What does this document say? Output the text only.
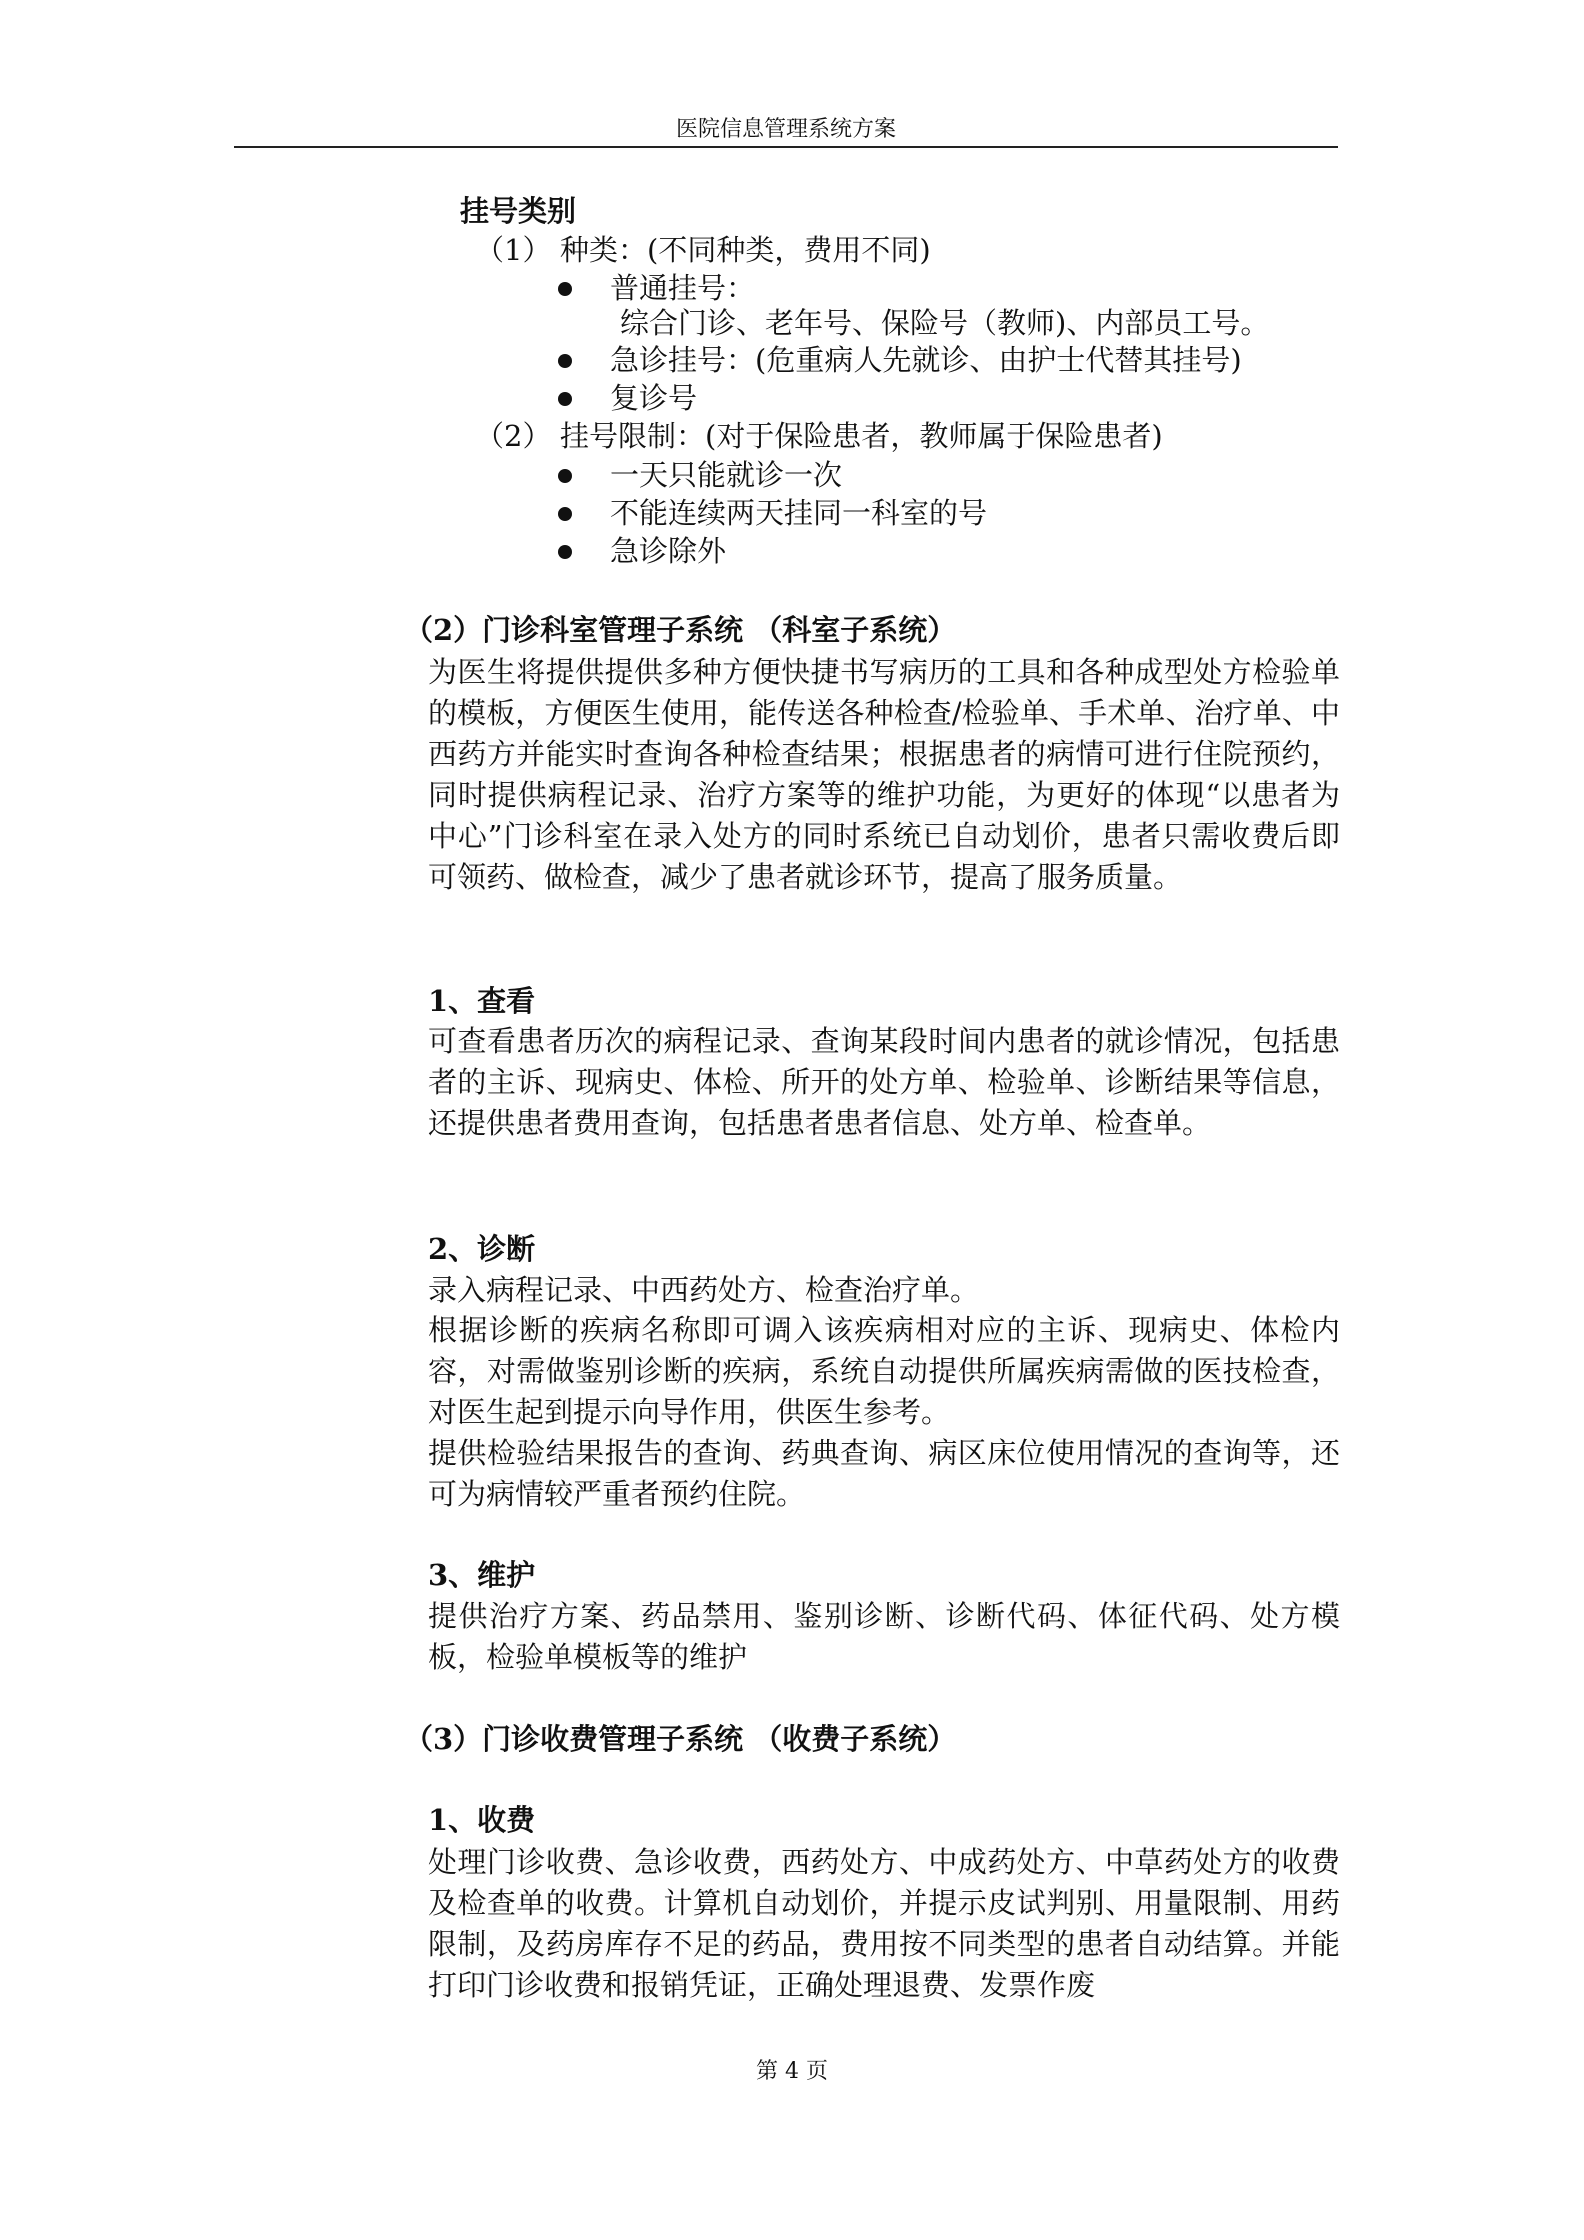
医院信息管理系统方案
挂号类别
（1） 种类：(不同种类，费用不同)
普通挂号：
综合门诊、老年号、保险号（教师)、内部员工号。
急诊挂号：(危重病人先就诊、由护士代替其挂号)
复诊号
（2） 挂号限制：(对于保险患者，教师属于保险患者)
一天只能就诊一次
不能连续两天挂同一科室的号
急诊除外
（2）门诊科室管理子系统 （科室子系统）
为医生将提供提供多种方便快捷书写病历的工具和各种成型处方检验单的模板，方便医生使用，能传送各种检查/检验单、手术单、治疗单、中西药方并能实时查询各种检查结果；根据患者的病情可进行住院预约，同时提供病程记录、治疗方案等的维护功能，为更好的体现“以患者为中心”门诊科室在录入处方的同时系统已自动划价，患者只需收费后即可领药、做检查，减少了患者就诊环节，提高了服务质量。
1、查看
可查看患者历次的病程记录、查询某段时间内患者的就诊情况，包括患者的主诉、现病史、体检、所开的处方单、检验单、诊断结果等信息，还提供患者费用查询，包括患者患者信息、处方单、检查单。
2、诊断
录入病程记录、中西药处方、检查治疗单。
根据诊断的疾病名称即可调入该疾病相对应的主诉、现病史、体检内容，对需做鉴别诊断的疾病，系统自动提供所属疾病需做的医技检查，对医生起到提示向导作用，供医生参考。
提供检验结果报告的查询、药典查询、病区床位使用情况的查询等，还可为病情较严重者预约住院。
3、维护
提供治疗方案、药品禁用、鉴别诊断、诊断代码、体征代码、处方模板，检验单模板等的维护
（3）门诊收费管理子系统 （收费子系统）
1、收费
处理门诊收费、急诊收费，西药处方、中成药处方、中草药处方的收费及检查单的收费。计算机自动划价，并提示皮试判别、用量限制、用药限制，及药房库存不足的药品，费用按不同类型的患者自动结算。并能打印门诊收费和报销凭证，正确处理退费、发票作废
第 4 页
